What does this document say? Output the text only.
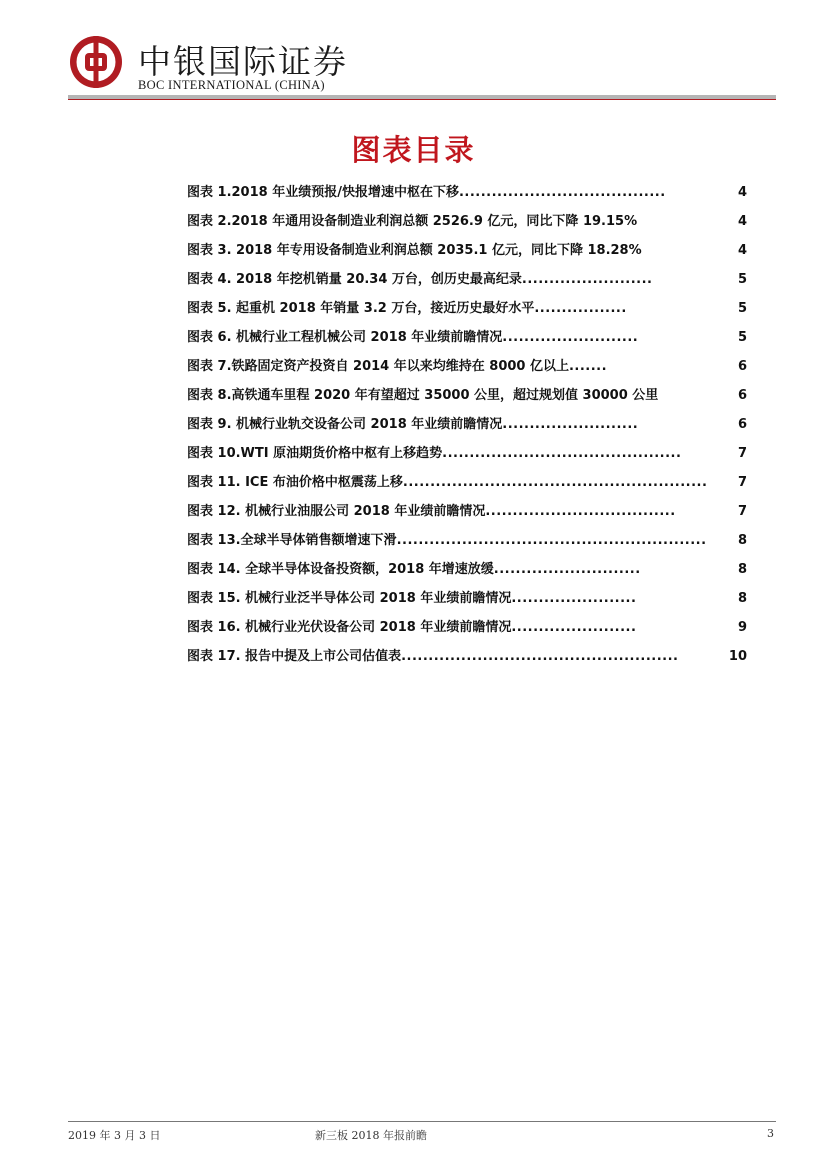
中银国际证券
BOC INTERNATIONAL (CHINA)
图表目录
图表 1.2018 年业绩预报/快报增速中枢在下移 ......................................	4
图表 2.2018 年通用设备制造业利润总额 2526.9 亿元，同比下降 19.15%	4
图表 3. 2018 年专用设备制造业利润总额 2035.1 亿元，同比下降 18.28%	4
图表 4. 2018 年挖机销量 20.34 万台，创历史最高纪录 ........................	5
图表 5. 起重机 2018 年销量 3.2 万台，接近历史最好水平 .................	5
图表 6. 机械行业工程机械公司 2018 年业绩前瞻情况 .........................	5
图表 7.铁路固定资产投资自 2014 年以来均维持在 8000 亿以上 .......	6
图表 8.高铁通车里程 2020 年有望超过 35000 公里，超过规划值 30000 公里	6
图表 9. 机械行业轨交设备公司 2018 年业绩前瞻情况 .........................	6
图表 10.WTI 原油期货价格中枢有上移趋势 ............................................	7
图表 11. ICE 布油价格中枢震荡上移 ........................................................	7
图表 12. 机械行业油服公司 2018 年业绩前瞻情况 ...................................	7
图表 13.全球半导体销售额增速下滑 .........................................................	8
图表 14. 全球半导体设备投资额，2018 年增速放缓 ...........................	8
图表 15. 机械行业泛半导体公司 2018 年业绩前瞻情况 .......................	8
图表 16. 机械行业光伏设备公司 2018 年业绩前瞻情况 .......................	9
图表 17. 报告中提及上市公司估值表 ...................................................	10
2019 年 3 月 3 日	新三板 2018 年报前瞻	3
